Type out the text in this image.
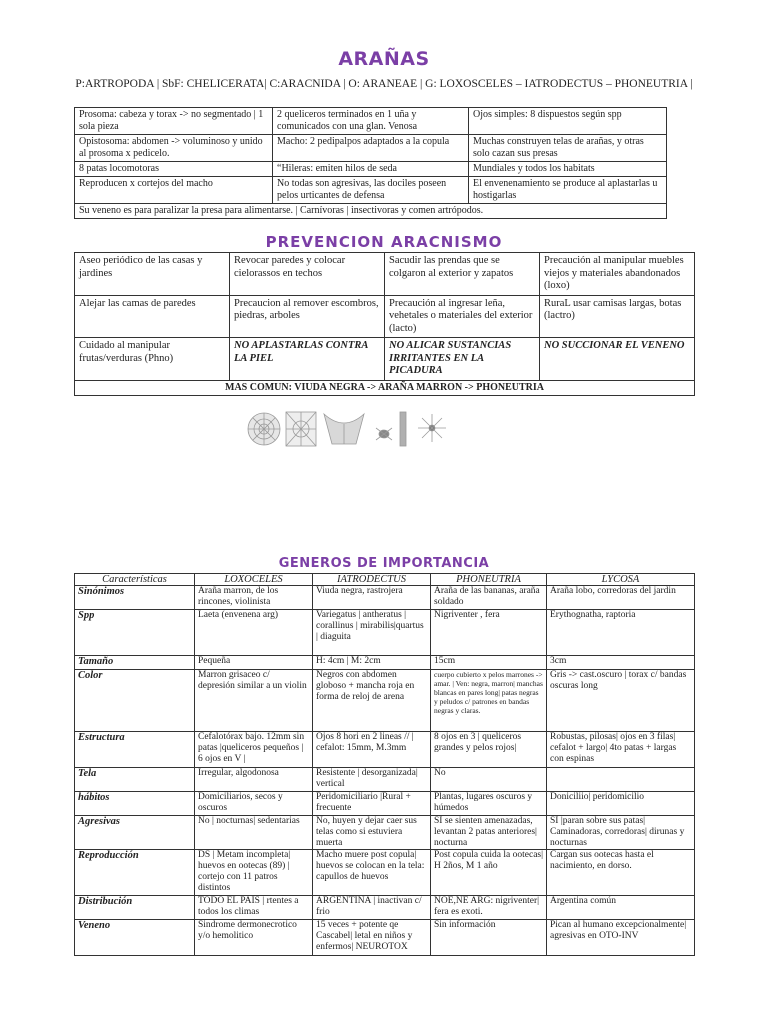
ARAÑAS
P:ARTROPODA | SbF: CHELICERATA| C:ARACNIDA | O: ARANEAE | G: LOXOSCELES – IATRODECTUS – PHONEUTRIA |
Prosoma: cabeza y torax -> no segmentado | 1 sola pieza	2 queliceros terminados en 1 uña y comunicados con una glan. Venosa	Ojos simples: 8 dispuestos según spp
Opistosoma: abdomen -> voluminoso y unido al prosoma x pedicelo.	Macho: 2 pedipalpos adaptados a la copula	Muchas construyen telas de arañas, y otras solo cazan sus presas
8 patas locomotoras	“Hileras: emiten hilos de seda	Mundiales y todos los habitats
Reproducen x cortejos del macho	No todas son agresivas, las dociles poseen pelos urticantes de defensa	El envenenamiento se produce al aplastarlas u hostigarlas
Su veneno es para paralizar la presa para alimentarse. | Carnívoras | insectivoras y comen artrópodos.		
PREVENCION ARACNISMO
Aseo periódico de las casas y jardines	Revocar paredes y colocar cielorassos en techos	Sacudir las prendas que se colgaron al exterior y zapatos	Precaución al manipular muebles viejos y materiales abandonados (loxo)
Alejar las camas de paredes	Precaucion al remover escombros, piedras, arboles	Precaución al ingresar leña, vehetales o materiales del exterior (lacto)	RuraL usar camisas largas, botas (lactro)
Cuidado al manipular frutas/verduras (Phno)	NO APLASTARLAS CONTRA LA PIEL	NO ALICAR SUSTANCIAS IRRITANTES EN LA PICADURA	NO SUCCIONAR EL VENENO
MAS COMUN: VIUDA NEGRA -> ARAÑA MARRON -> PHONEUTRIA			
GENEROS DE IMPORTANCIA
Características	LOXOCELES	IATRODECTUS	PHONEUTRIA	LYCOSA
Sinónimos	Araña marron, de los rincones, violinista	Viuda negra, rastrojera	Araña de las bananas, araña soldado	Araña lobo, corredoras del jardin
Spp	Laeta (envenena arg)	Variegatus | antheratus | corallinus | mirabilis|quartus | diaguita	Nigriventer , fera	Erythognatha, raptoria
Tamaño	Pequeña	H: 4cm | M: 2cm	15cm	3cm
Color	Marron grisaceo c/ depresión similar a un violin	Negros con abdomen globoso + mancha roja en forma de reloj de arena	cuerpo cubierto x pelos marrones -> amar. | Ven: negra, marron| manchas blancas en pares long| patas negras y peludos c/ patrones en bandas negras y claras.	Gris -> cast.oscuro | torax c/ bandas oscuras long
Estructura	Cefalotórax bajo. 12mm sin patas |queliceros pequeños | 6 ojos en V |	Ojos 8 hori en 2 lineas // | cefalot: 15mm, M.3mm	8 ojos en 3 | queliceros grandes y pelos rojos|	Robustas, pilosas| ojos en 3 filas| cefalot + largo| 4to patas + largas con espinas
Tela	Irregular, algodonosa	Resistente | desorganizada| vertical	No	
hábitos	Domiciliarios, secos y oscuros	Peridomiciliario |Rural + frecuente	Plantas, lugares oscuros y húmedos	Doniciliio| peridomicilio
Agresivas	No | nocturnas| sedentarias	No, huyen y dejar caer sus telas como si estuviera muerta	SI se sienten amenazadas, levantan 2 patas anteriores| nocturna	SI |paran sobre sus patas| Caminadoras, corredoras| dirunas y nocturnas
Reproducción	DS | Metam incompleta| huevos en ootecas (89) | cortejo con 11 patros distintos	Macho muere post copula| huevos se colocan en la tela: capullos de huevos	Post copula cuida la ootecas| H 2ños, M 1 año	Cargan sus ootecas hasta el nacimiento, en dorso.
Distribución	TODO EL PAIS | rtentes a todos los climas	ARGENTINA | inactivan c/ frio	NOE,NE ARG: nigriventer| fera es exoti.	Argentina común
Veneno	Sindrome dermonecrotico y/o hemolitico	15 veces + potente qe Cascabel| letal en niños y enfermos| NEUROTOX	Sin información	Pican al humano excepcionalmente| agresivas en OTO-INV
